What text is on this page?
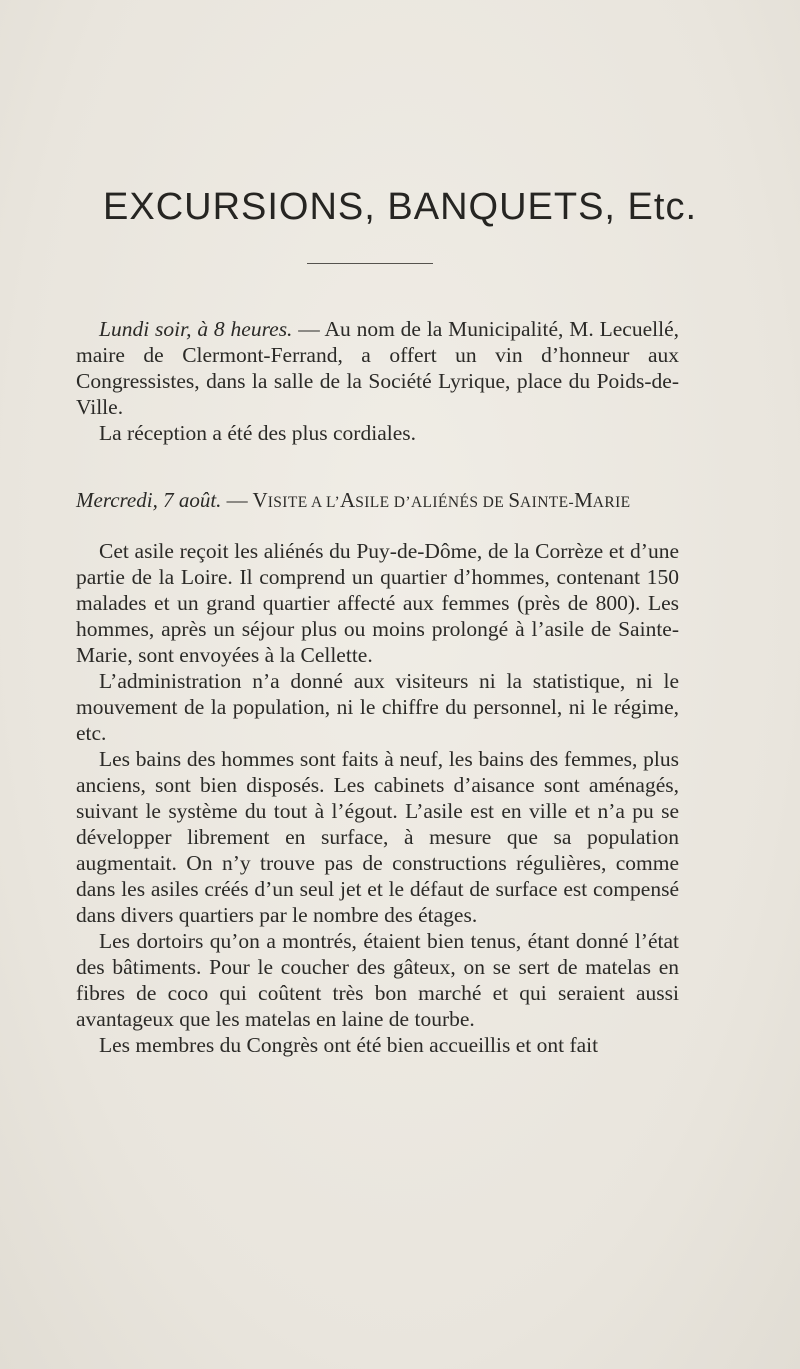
EXCURSIONS, BANQUETS, Etc.
Lundi soir, à 8 heures. — Au nom de la Municipalité, M. Lecuellé, maire de Clermont-Ferrand, a offert un vin d’honneur aux Congressistes, dans la salle de la Société Lyrique, place du Poids-de-Ville.
La réception a été des plus cordiales.
Mercredi, 7 août. — VISITE A L’ASILE D’ALIÉNÉS DE SAINTE-MARIE

Cet asile reçoit les aliénés du Puy-de-Dôme, de la Corrèze et d’une partie de la Loire. Il comprend un quartier d’hommes, contenant 150 malades et un grand quartier affecté aux femmes (près de 800). Les hommes, après un séjour plus ou moins prolongé à l’asile de Sainte-Marie, sont envoyées à la Cellette.

L’administration n’a donné aux visiteurs ni la statistique, ni le mouvement de la population, ni le chiffre du personnel, ni le régime, etc.

Les bains des hommes sont faits à neuf, les bains des femmes, plus anciens, sont bien disposés. Les cabinets d’aisance sont aménagés, suivant le système du tout à l’égout. L’asile est en ville et n’a pu se développer librement en surface, à mesure que sa population augmentait. On n’y trouve pas de constructions régulières, comme dans les asiles créés d’un seul jet et le défaut de surface est compensé dans divers quartiers par le nombre des étages.

Les dortoirs qu’on a montrés, étaient bien tenus, étant donné l’état des bâtiments. Pour le coucher des gâteux, on se sert de matelas en fibres de coco qui coûtent très bon marché et qui seraient aussi avantageux que les matelas en laine de tourbe.

Les membres du Congrès ont été bien accueillis et ont fait
